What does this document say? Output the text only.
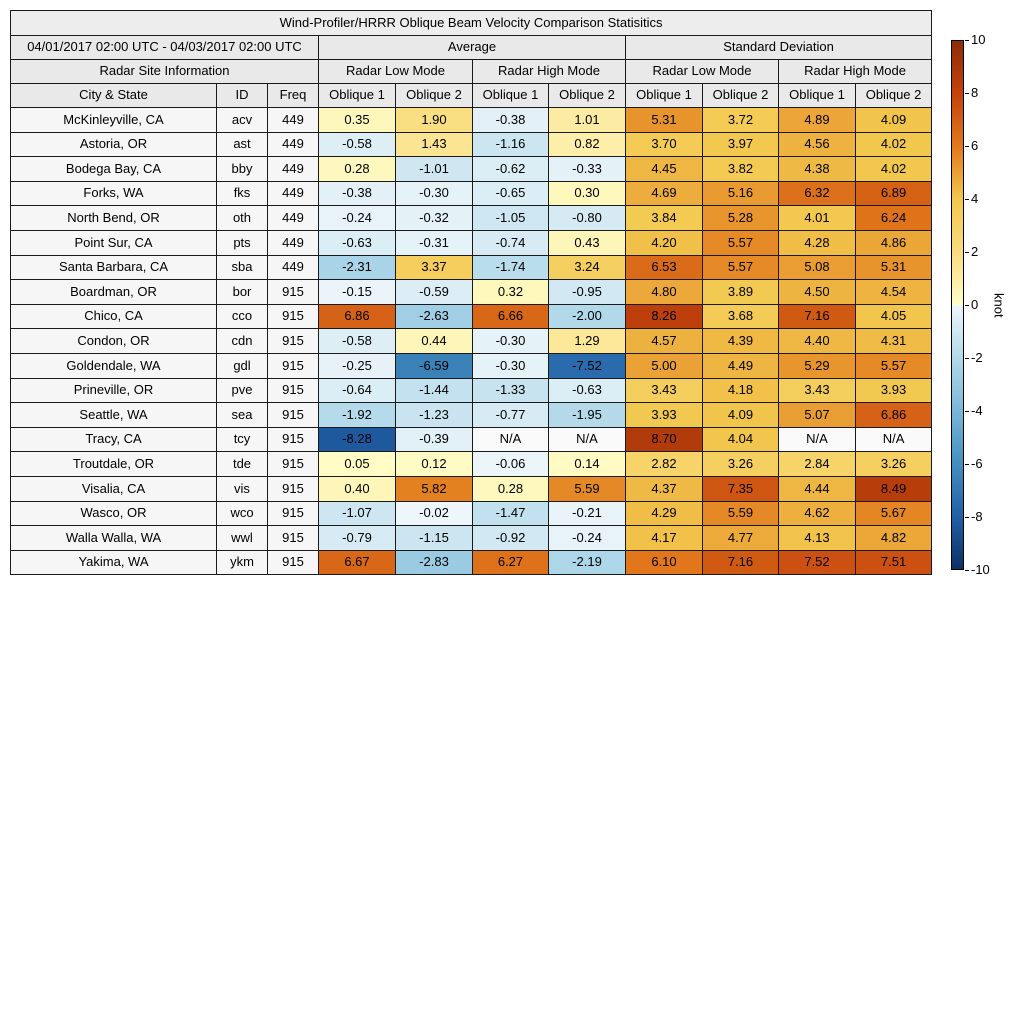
Wind-Profiler/HRRR Oblique Beam Velocity Comparison Statisitics										
04/01/2017 02:00 UTC - 04/03/2017 02:00 UTC			Average				Standard Deviation			
Radar Site Information			Radar Low Mode		Radar High Mode		Radar Low Mode		Radar High Mode	
City & State	ID	Freq	Oblique 1	Oblique 2	Oblique 1	Oblique 2	Oblique 1	Oblique 2	Oblique 1	Oblique 2
McKinleyville, CA	acv	449	0.35	1.90	-0.38	1.01	5.31	3.72	4.89	4.09
Astoria, OR	ast	449	-0.58	1.43	-1.16	0.82	3.70	3.97	4.56	4.02
Bodega Bay, CA	bby	449	0.28	-1.01	-0.62	-0.33	4.45	3.82	4.38	4.02
Forks, WA	fks	449	-0.38	-0.30	-0.65	0.30	4.69	5.16	6.32	6.89
North Bend, OR	oth	449	-0.24	-0.32	-1.05	-0.80	3.84	5.28	4.01	6.24
Point Sur, CA	pts	449	-0.63	-0.31	-0.74	0.43	4.20	5.57	4.28	4.86
Santa Barbara, CA	sba	449	-2.31	3.37	-1.74	3.24	6.53	5.57	5.08	5.31
Boardman, OR	bor	915	-0.15	-0.59	0.32	-0.95	4.80	3.89	4.50	4.54
Chico, CA	cco	915	6.86	-2.63	6.66	-2.00	8.26	3.68	7.16	4.05
Condon, OR	cdn	915	-0.58	0.44	-0.30	1.29	4.57	4.39	4.40	4.31
Goldendale, WA	gdl	915	-0.25	-6.59	-0.30	-7.52	5.00	4.49	5.29	5.57
Prineville, OR	pve	915	-0.64	-1.44	-1.33	-0.63	3.43	4.18	3.43	3.93
Seattle, WA	sea	915	-1.92	-1.23	-0.77	-1.95	3.93	4.09	5.07	6.86
Tracy, CA	tcy	915	-8.28	-0.39	N/A	N/A	8.70	4.04	N/A	N/A
Troutdale, OR	tde	915	0.05	0.12	-0.06	0.14	2.82	3.26	2.84	3.26
Visalia, CA	vis	915	0.40	5.82	0.28	5.59	4.37	7.35	4.44	8.49
Wasco, OR	wco	915	-1.07	-0.02	-1.47	-0.21	4.29	5.59	4.62	5.67
Walla Walla, WA	wwl	915	-0.79	-1.15	-0.92	-0.24	4.17	4.77	4.13	4.82
Yakima, WA	ykm	915	6.67	-2.83	6.27	-2.19	6.10	7.16	7.52	7.51
10
8
6
4
2
0
-2
-4
-6
-8
-10
knot
